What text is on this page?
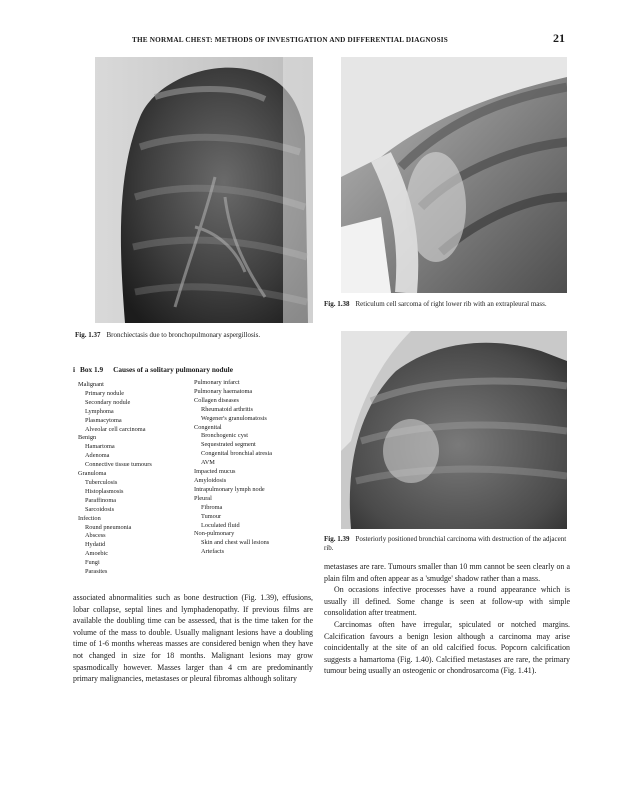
THE NORMAL CHEST: METHODS OF INVESTIGATION AND DIFFERENTIAL DIAGNOSIS	21
Fig. 1.37 Bronchiectasis due to bronchopulmonary aspergillosis.
Fig. 1.38 Reticulum cell sarcoma of right lower rib with an extrapleural mass.
Fig. 1.39 Posteriorly positioned bronchial carcinoma with destruction of the adjacent rib.
i Box 1.9 Causes of a solitary pulmonary nodule
Malignant
Primary nodule
Secondary nodule
Lymphoma
Plasmacytoma
Alveolar cell carcinoma
Benign
Hamartoma
Adenoma
Connective tissue tumours
Granuloma
Tuberculosis
Histoplasmosis
Paraffinoma
Sarcoidosis
Infection
Round pneumonia
Abscess
Hydatid
Amoebic
Fungi
Parasites
Pulmonary infarct
Pulmonary haematoma
Collagen diseases
Rheumatoid arthritis
Wegener's granulomatosis
Congenital
Bronchogenic cyst
Sequestrated segment
Congenital bronchial atresia
AVM
Impacted mucus
Amyloidosis
Intrapulmonary lymph node
Pleural
Fibroma
Tumour
Loculated fluid
Non-pulmonary
Skin and chest wall lesions
Artefacts

associated abnormalities such as bone destruction (Fig. 1.39), effusions, lobar collapse, septal lines and lymphadenopathy. If previous films are available the doubling time can be assessed, that is the time taken for the volume of the mass to double. Usually malignant lesions have a doubling time of 1-6 months whereas masses are considered benign when they have not changed in size for 18 months. Malignant lesions may grow spasmodically however. Masses larger than 4 cm are predominantly primary malignancies, metastases or pleural fibromas although solitary

metastases are rare. Tumours smaller than 10 mm cannot be seen clearly on a plain film and often appear as a 'smudge' shadow rather than a mass.

On occasions infective processes have a round appearance which is usually ill defined. Some change is seen at follow-up with simple consolidation after treatment.

Carcinomas often have irregular, spiculated or notched margins. Calcification favours a benign lesion although a carcinoma may arise coincidentally at the site of an old calcified focus. Popcorn calcification suggests a hamartoma (Fig. 1.40). Calcified metastases are rare, the primary tumour being usually an osteogenic or chondrosarcoma (Fig. 1.41).
